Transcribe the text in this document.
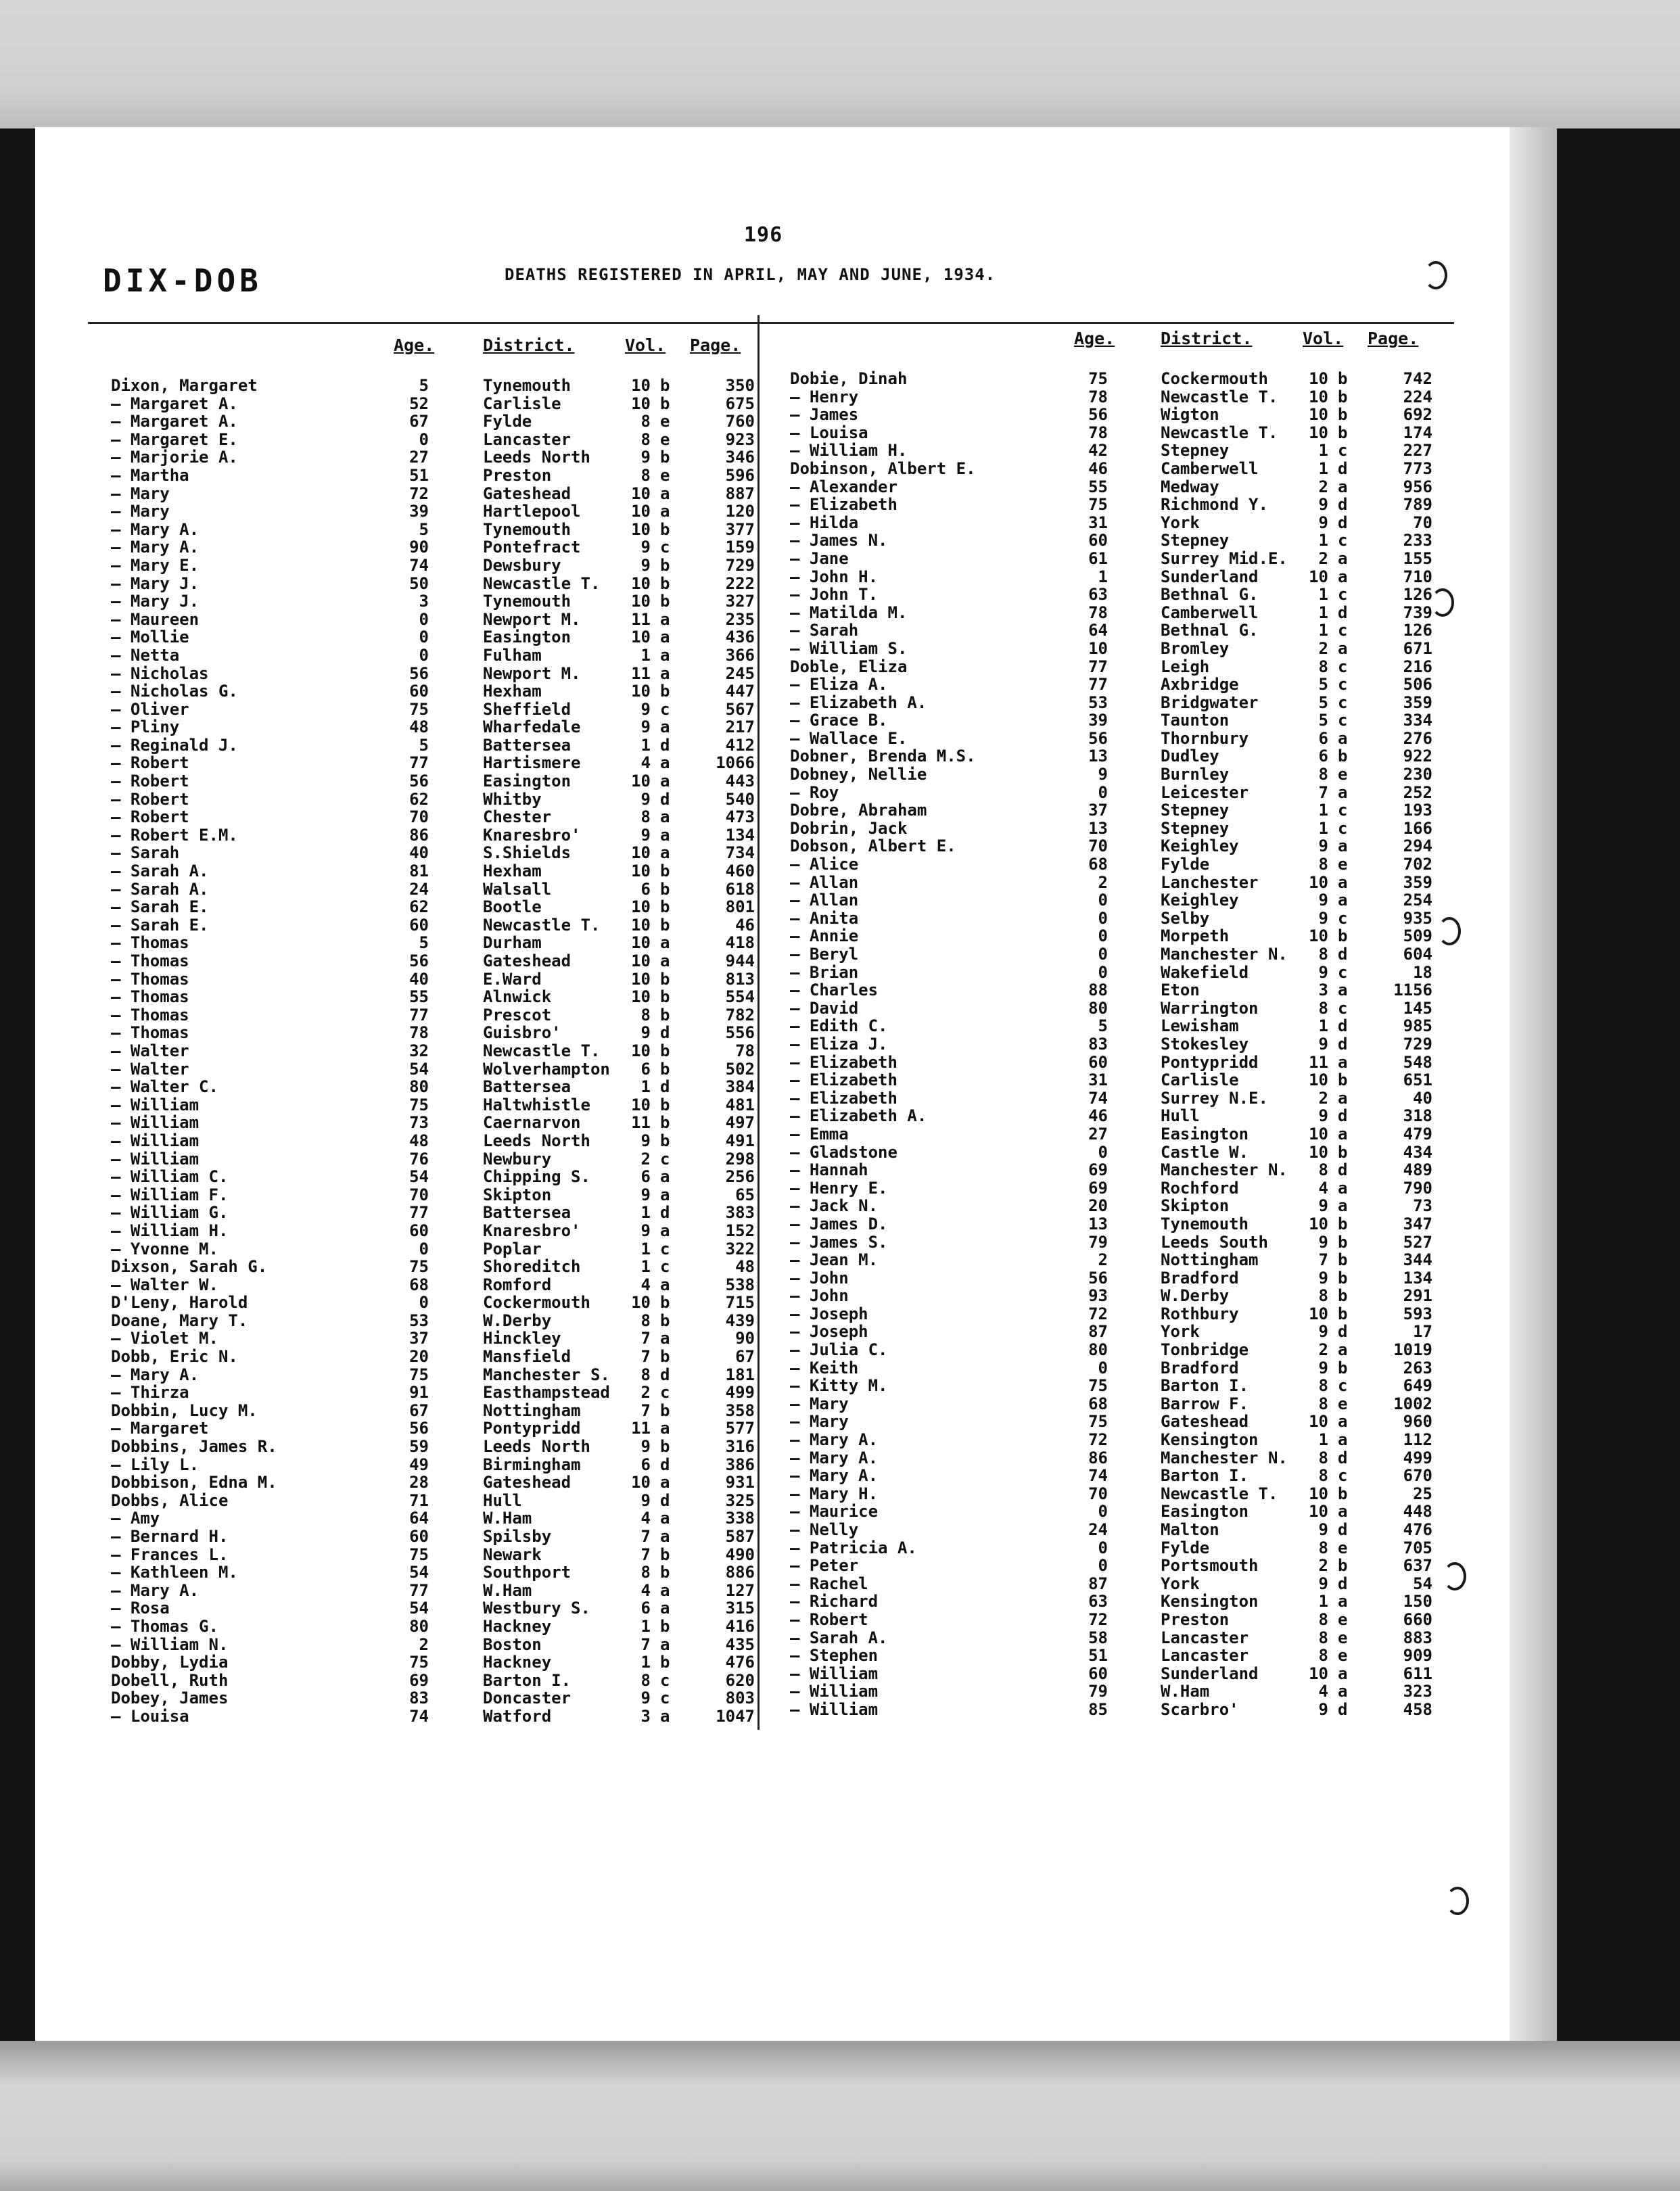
196
DIX-DOB	DEATHS REGISTERED IN APRIL, MAY AND JUNE, 1934.
Age.	District.	Vol. Page.	Age.	District.	Vol. Page.
Dixon, Margaret	5	Tynemouth	10 b	350
— Margaret A.	52	Carlisle	10 b	675
— Margaret A.	67	Fylde	8 e	760
— Margaret E.	0	Lancaster	8 e	923
— Marjorie A.	27	Leeds North	9 b	346
— Martha	51	Preston	8 e	596
— Mary	72	Gateshead	10 a	887
— Mary	39	Hartlepool	10 a	120
— Mary A.	5	Tynemouth	10 b	377
— Mary A.	90	Pontefract	9 c	159
— Mary E.	74	Dewsbury	9 b	729
— Mary J.	50	Newcastle T.	10 b	222
— Mary J.	3	Tynemouth	10 b	327
— Maureen	0	Newport M.	11 a	235
— Mollie	0	Easington	10 a	436
— Netta	0	Fulham	1 a	366
— Nicholas	56	Newport M.	11 a	245
— Nicholas G.	60	Hexham	10 b	447
— Oliver	75	Sheffield	9 c	567
— Pliny	48	Wharfedale	9 a	217
— Reginald J.	5	Battersea	1 d	412
— Robert	77	Hartismere	4 a	1066
— Robert	56	Easington	10 a	443
— Robert	62	Whitby	9 d	540
— Robert	70	Chester	8 a	473
— Robert E.M.	86	Knaresbro'	9 a	134
— Sarah	40	S.Shields	10 a	734
— Sarah A.	81	Hexham	10 b	460
— Sarah A.	24	Walsall	6 b	618
— Sarah E.	62	Bootle	10 b	801
— Sarah E.	60	Newcastle T.	10 b	46
— Thomas	5	Durham	10 a	418
— Thomas	56	Gateshead	10 a	944
— Thomas	40	E.Ward	10 b	813
— Thomas	55	Alnwick	10 b	554
— Thomas	77	Prescot	8 b	782
— Thomas	78	Guisbro'	9 d	556
— Walter	32	Newcastle T.	10 b	78
— Walter	54	Wolverhampton	6 b	502
— Walter C.	80	Battersea	1 d	384
— William	75	Haltwhistle	10 b	481
— William	73	Caernarvon	11 b	497
— William	48	Leeds North	9 b	491
— William	76	Newbury	2 c	298
— William C.	54	Chipping S.	6 a	256
— William F.	70	Skipton	9 a	65
— William G.	77	Battersea	1 d	383
— William H.	60	Knaresbro'	9 a	152
— Yvonne M.	0	Poplar	1 c	322
Dixson, Sarah G.	75	Shoreditch	1 c	48
— Walter W.	68	Romford	4 a	538
D'Leny, Harold	0	Cockermouth	10 b	715
Doane, Mary T.	53	W.Derby	8 b	439
— Violet M.	37	Hinckley	7 a	90
Dobb, Eric N.	20	Mansfield	7 b	67
— Mary A.	75	Manchester S.	8 d	181
— Thirza	91	Easthampstead	2 c	499
Dobbin, Lucy M.	67	Nottingham	7 b	358
— Margaret	56	Pontypridd	11 a	577
Dobbins, James R.	59	Leeds North	9 b	316
— Lily L.	49	Birmingham	6 d	386
Dobbison, Edna M.	28	Gateshead	10 a	931
Dobbs, Alice	71	Hull	9 d	325
— Amy	64	W.Ham	4 a	338
— Bernard H.	60	Spilsby	7 a	587
— Frances L.	75	Newark	7 b	490
— Kathleen M.	54	Southport	8 b	886
— Mary A.	77	W.Ham	4 a	127
— Rosa	54	Westbury S.	6 a	315
— Thomas G.	80	Hackney	1 b	416
— William N.	2	Boston	7 a	435
Dobby, Lydia	75	Hackney	1 b	476
Dobell, Ruth	69	Barton I.	8 c	620
Dobey, James	83	Doncaster	9 c	803
— Louisa	74	Watford	3 a	1047
Dobie, Dinah	75	Cockermouth	10 b	742
— Henry	78	Newcastle T.	10 b	224
— James	56	Wigton	10 b	692
— Louisa	78	Newcastle T.	10 b	174
— William H.	42	Stepney	1 c	227
Dobinson, Albert E.	46	Camberwell	1 d	773
— Alexander	55	Medway	2 a	956
— Elizabeth	75	Richmond Y.	9 d	789
— Hilda	31	York	9 d	70
— James N.	60	Stepney	1 c	233
— Jane	61	Surrey Mid.E.	2 a	155
— John H.	1	Sunderland	10 a	710
— John T.	63	Bethnal G.	1 c	126
— Matilda M.	78	Camberwell	1 d	739
— Sarah	64	Bethnal G.	1 c	126
— William S.	10	Bromley	2 a	671
Doble, Eliza	77	Leigh	8 c	216
— Eliza A.	77	Axbridge	5 c	506
— Elizabeth A.	53	Bridgwater	5 c	359
— Grace B.	39	Taunton	5 c	334
— Wallace E.	56	Thornbury	6 a	276
Dobner, Brenda M.S.	13	Dudley	6 b	922
Dobney, Nellie	9	Burnley	8 e	230
— Roy	0	Leicester	7 a	252
Dobre, Abraham	37	Stepney	1 c	193
Dobrin, Jack	13	Stepney	1 c	166
Dobson, Albert E.	70	Keighley	9 a	294
— Alice	68	Fylde	8 e	702
— Allan	2	Lanchester	10 a	359
— Allan	0	Keighley	9 a	254
— Anita	0	Selby	9 c	935
— Annie	0	Morpeth	10 b	509
— Beryl	0	Manchester N.	8 d	604
— Brian	0	Wakefield	9 c	18
— Charles	88	Eton	3 a	1156
— David	80	Warrington	8 c	145
— Edith C.	5	Lewisham	1 d	985
— Eliza J.	83	Stokesley	9 d	729
— Elizabeth	60	Pontypridd	11 a	548
— Elizabeth	31	Carlisle	10 b	651
— Elizabeth	74	Surrey N.E.	2 a	40
— Elizabeth A.	46	Hull	9 d	318
— Emma	27	Easington	10 a	479
— Gladstone	0	Castle W.	10 b	434
— Hannah	69	Manchester N.	8 d	489
— Henry E.	69	Rochford	4 a	790
— Jack N.	20	Skipton	9 a	73
— James D.	13	Tynemouth	10 b	347
— James S.	79	Leeds South	9 b	527
— Jean M.	2	Nottingham	7 b	344
— John	56	Bradford	9 b	134
— John	93	W.Derby	8 b	291
— Joseph	72	Rothbury	10 b	593
— Joseph	87	York	9 d	17
— Julia C.	80	Tonbridge	2 a	1019
— Keith	0	Bradford	9 b	263
— Kitty M.	75	Barton I.	8 c	649
— Mary	68	Barrow F.	8 e	1002
— Mary	75	Gateshead	10 a	960
— Mary A.	72	Kensington	1 a	112
— Mary A.	86	Manchester N.	8 d	499
— Mary A.	74	Barton I.	8 c	670
— Mary H.	70	Newcastle T.	10 b	25
— Maurice	0	Easington	10 a	448
— Nelly	24	Malton	9 d	476
— Patricia A.	0	Fylde	8 e	705
— Peter	0	Portsmouth	2 b	637
— Rachel	87	York	9 d	54
— Richard	63	Kensington	1 a	150
— Robert	72	Preston	8 e	660
— Sarah A.	58	Lancaster	8 e	883
— Stephen	51	Lancaster	8 e	909
— William	60	Sunderland	10 a	611
— William	79	W.Ham	4 a	323
— William	85	Scarbro'	9 d	458
